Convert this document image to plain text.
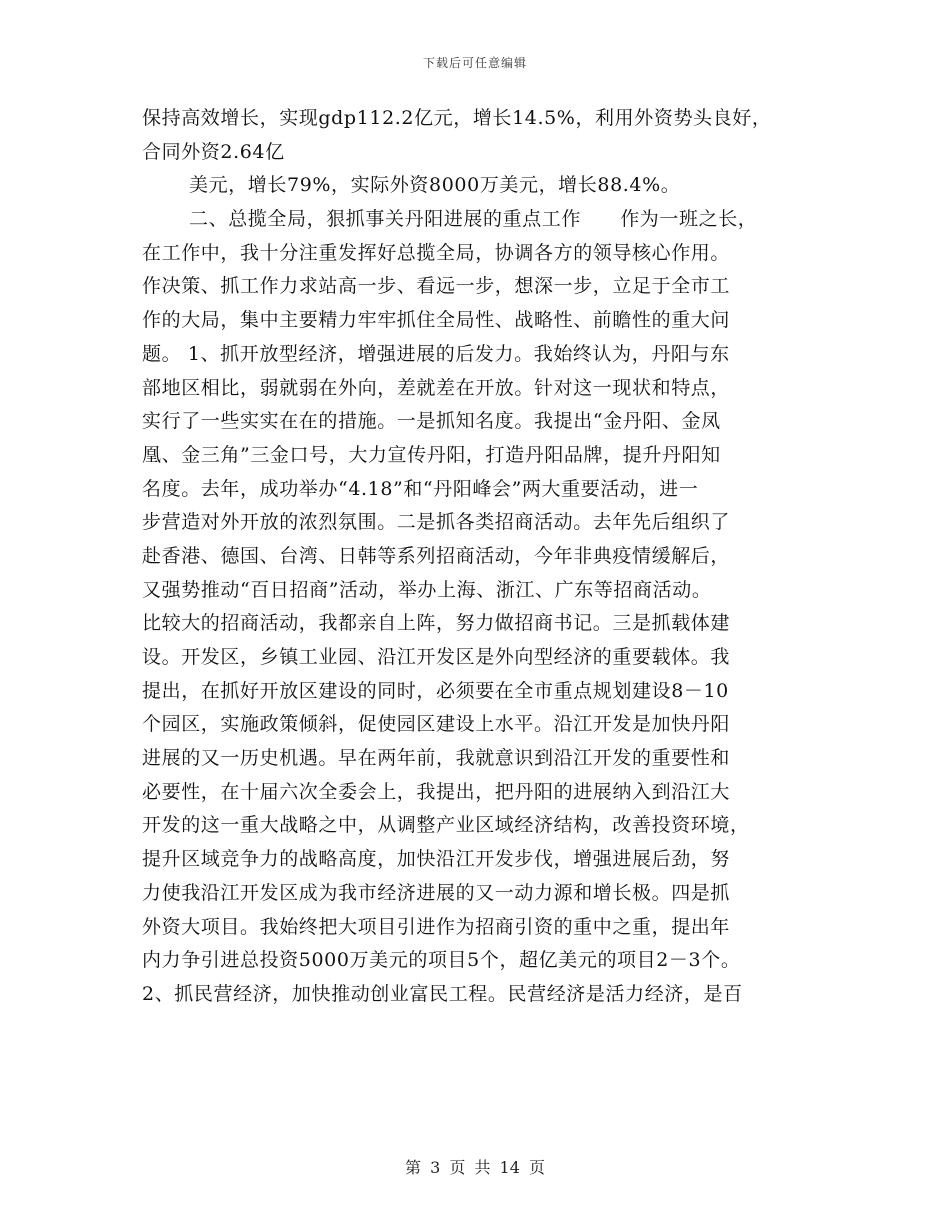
下载后可任意编辑
保持高效增长，实现gdp112.2亿元，增长14.5%，利用外资势头良好，
合同外资2.64亿
美元，增长79%，实际外资8000万美元，增长88.4%。
二、总揽全局，狠抓事关丹阳进展的重点工作　　作为一班之长，
在工作中，我十分注重发挥好总揽全局，协调各方的领导核心作用。
作决策、抓工作力求站高一步、看远一步，想深一步，立足于全市工
作的大局，集中主要精力牢牢抓住全局性、战略性、前瞻性的重大问
题。 1、抓开放型经济，增强进展的后发力。我始终认为，丹阳与东
部地区相比，弱就弱在外向，差就差在开放。针对这一现状和特点，
实行了一些实实在在的措施。一是抓知名度。我提出“金丹阳、金凤
凰、金三角”三金口号，大力宣传丹阳，打造丹阳品牌，提升丹阳知
名度。去年，成功举办“4.18”和“丹阳峰会”两大重要活动，进一
步营造对外开放的浓烈氛围。二是抓各类招商活动。去年先后组织了
赴香港、德国、台湾、日韩等系列招商活动，今年非典疫情缓解后，
又强势推动“百日招商”活动，举办上海、浙江、广东等招商活动。
比较大的招商活动，我都亲自上阵，努力做招商书记。三是抓载体建
设。开发区，乡镇工业园、沿江开发区是外向型经济的重要载体。我
提出，在抓好开放区建设的同时，必须要在全市重点规划建设8－10
个园区，实施政策倾斜，促使园区建设上水平。沿江开发是加快丹阳
进展的又一历史机遇。早在两年前，我就意识到沿江开发的重要性和
必要性，在十届六次全委会上，我提出，把丹阳的进展纳入到沿江大
开发的这一重大战略之中，从调整产业区域经济结构，改善投资环境，
提升区域竞争力的战略高度，加快沿江开发步伐，增强进展后劲，努
力使我沿江开发区成为我市经济进展的又一动力源和增长极。四是抓
外资大项目。我始终把大项目引进作为招商引资的重中之重，提出年
内力争引进总投资5000万美元的项目5个，超亿美元的项目2－3个。
2、抓民营经济，加快推动创业富民工程。民营经济是活力经济，是百
第 3 页 共 14 页
